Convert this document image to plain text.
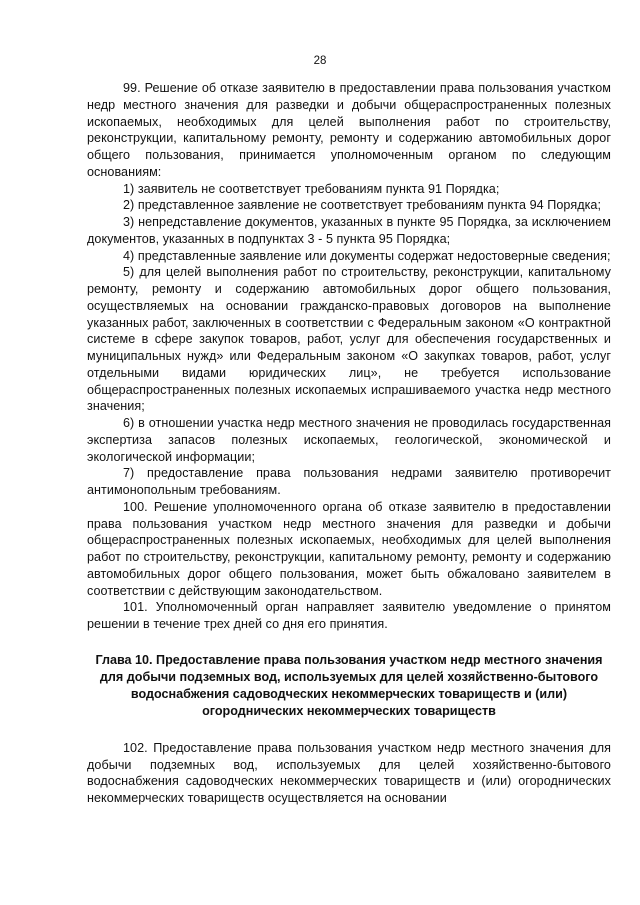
28

99. Решение об отказе заявителю в предоставлении права пользования участком недр местного значения для разведки и добычи общераспространенных полезных ископаемых, необходимых для целей выполнения работ по строительству, реконструкции, капитальному ремонту, ремонту и содержанию автомобильных дорог общего пользования, принимается уполномоченным органом по следующим основаниям:

1) заявитель не соответствует требованиям пункта 91 Порядка;

2) представленное заявление не соответствует требованиям пункта 94 Порядка;

3) непредставление документов, указанных в пункте 95 Порядка, за исключением документов, указанных в подпунктах 3 - 5 пункта 95 Порядка;

4) представленные заявление или документы содержат недостоверные сведения;

5) для целей выполнения работ по строительству, реконструкции, капитальному ремонту, ремонту и содержанию автомобильных дорог общего пользования, осуществляемых на основании гражданско-правовых договоров на выполнение указанных работ, заключенных в соответствии с Федеральным законом «О контрактной системе в сфере закупок товаров, работ, услуг для обеспечения государственных и муниципальных нужд» или Федеральным законом «О закупках товаров, работ, услуг отдельными видами юридических лиц», не требуется использование общераспространенных полезных ископаемых испрашиваемого участка недр местного значения;

6) в отношении участка недр местного значения не проводилась государственная экспертиза запасов полезных ископаемых, геологической, экономической и экологической информации;

7) предоставление права пользования недрами заявителю противоречит антимонопольным требованиям.

100. Решение уполномоченного органа об отказе заявителю в предоставлении права пользования участком недр местного значения для разведки и добычи общераспространенных полезных ископаемых, необходимых для целей выполнения работ по строительству, реконструкции, капитальному ремонту, ремонту и содержанию автомобильных дорог общего пользования, может быть обжаловано заявителем в соответствии с действующим законодательством.

101. Уполномоченный орган направляет заявителю уведомление о принятом решении в течение трех дней со дня его принятия.

Глава 10. Предоставление права пользования участком недр местного значения для добычи подземных вод, используемых для целей хозяйственно-бытового водоснабжения садоводческих некоммерческих товариществ и (или) огороднических некоммерческих товариществ

102. Предоставление права пользования участком недр местного значения для добычи подземных вод, используемых для целей хозяйственно-бытового водоснабжения садоводческих некоммерческих товариществ и (или) огороднических некоммерческих товариществ осуществляется на основании
